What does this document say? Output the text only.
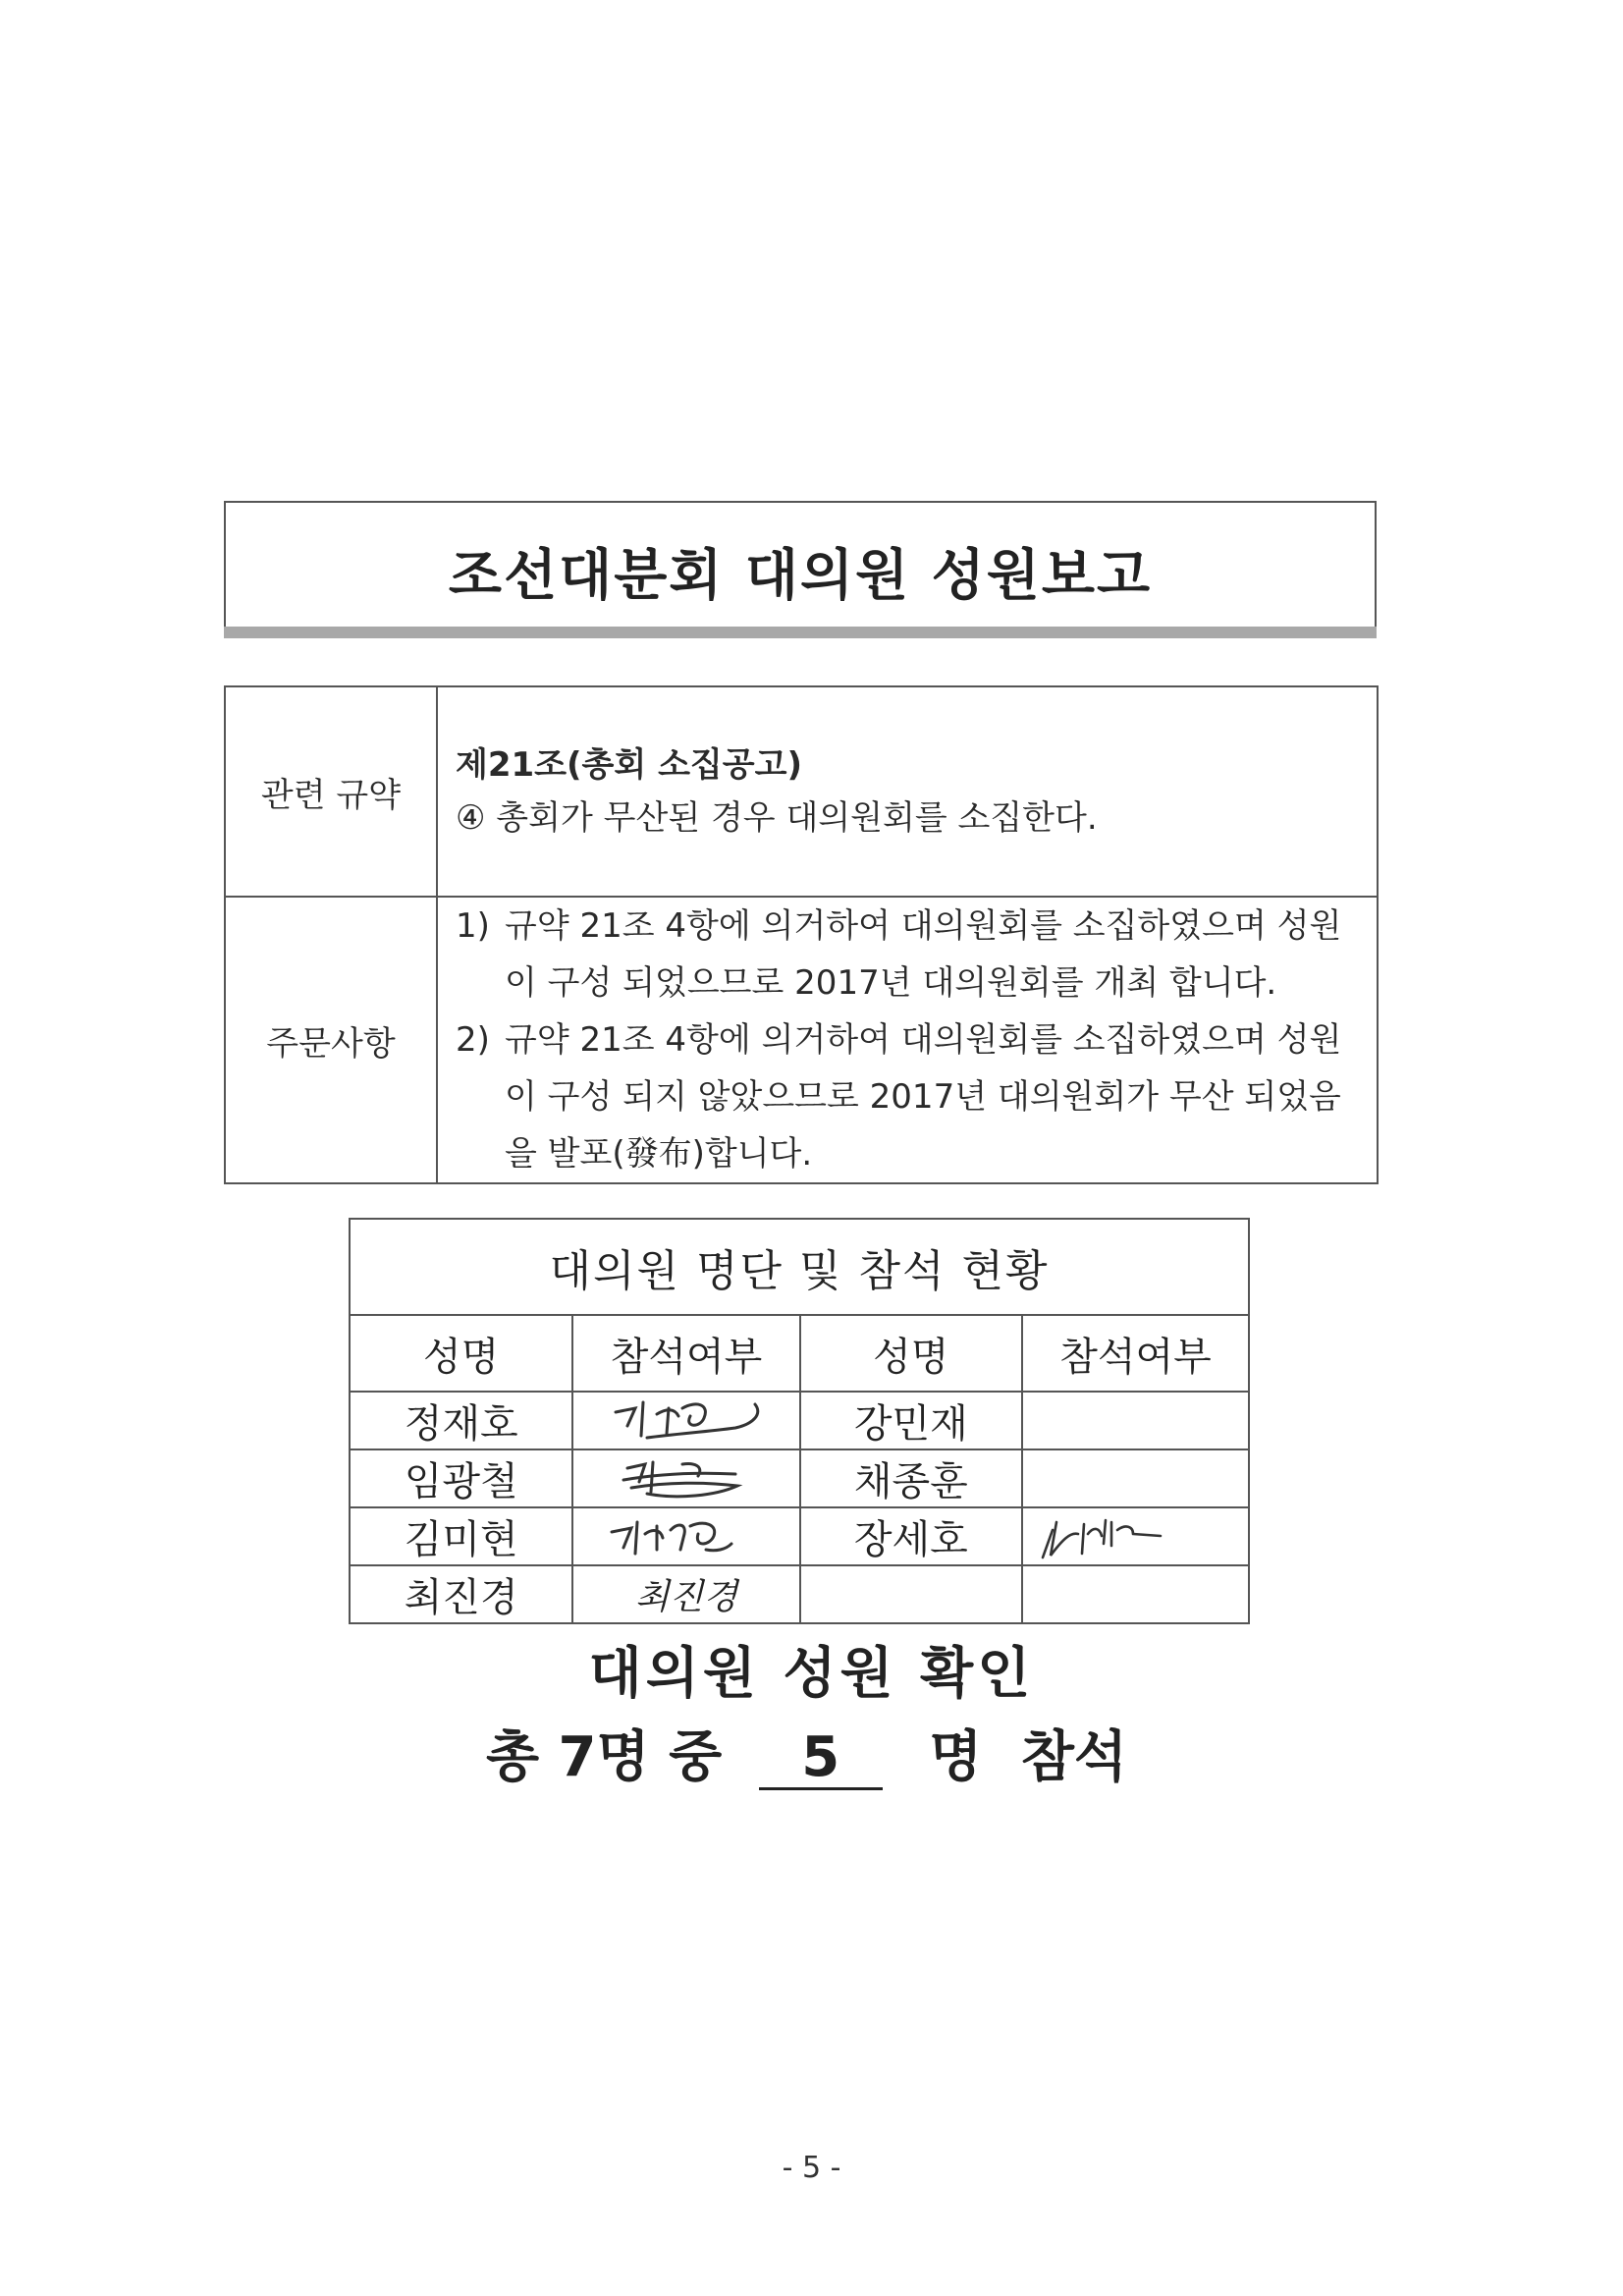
조선대분회 대의원 성원보고
관련 규약	제21조(총회 소집공고)
④ 총회가 무산된 경우 대의원회를 소집한다.

주문사항	1) 규약 21조 4항에 의거하여 대의원회를 소집하였으며 성원이 구성 되었으므로 2017년 대의원회를 개최 합니다.
2) 규약 21조 4항에 의거하여 대의원회를 소집하였으며 성원이 구성 되지 않았으므로 2017년 대의원회가 무산 되었음을 발포(發布)합니다.
대의원 명단 및 참석 현황			
성명	참석여부	성명	참석여부
정재호		강민재	
임광철		채종훈	
김미현		장세호	

최진경	최진경		
대의원 성원 확인
총 7명 중 5 명 참석
- 5 -
